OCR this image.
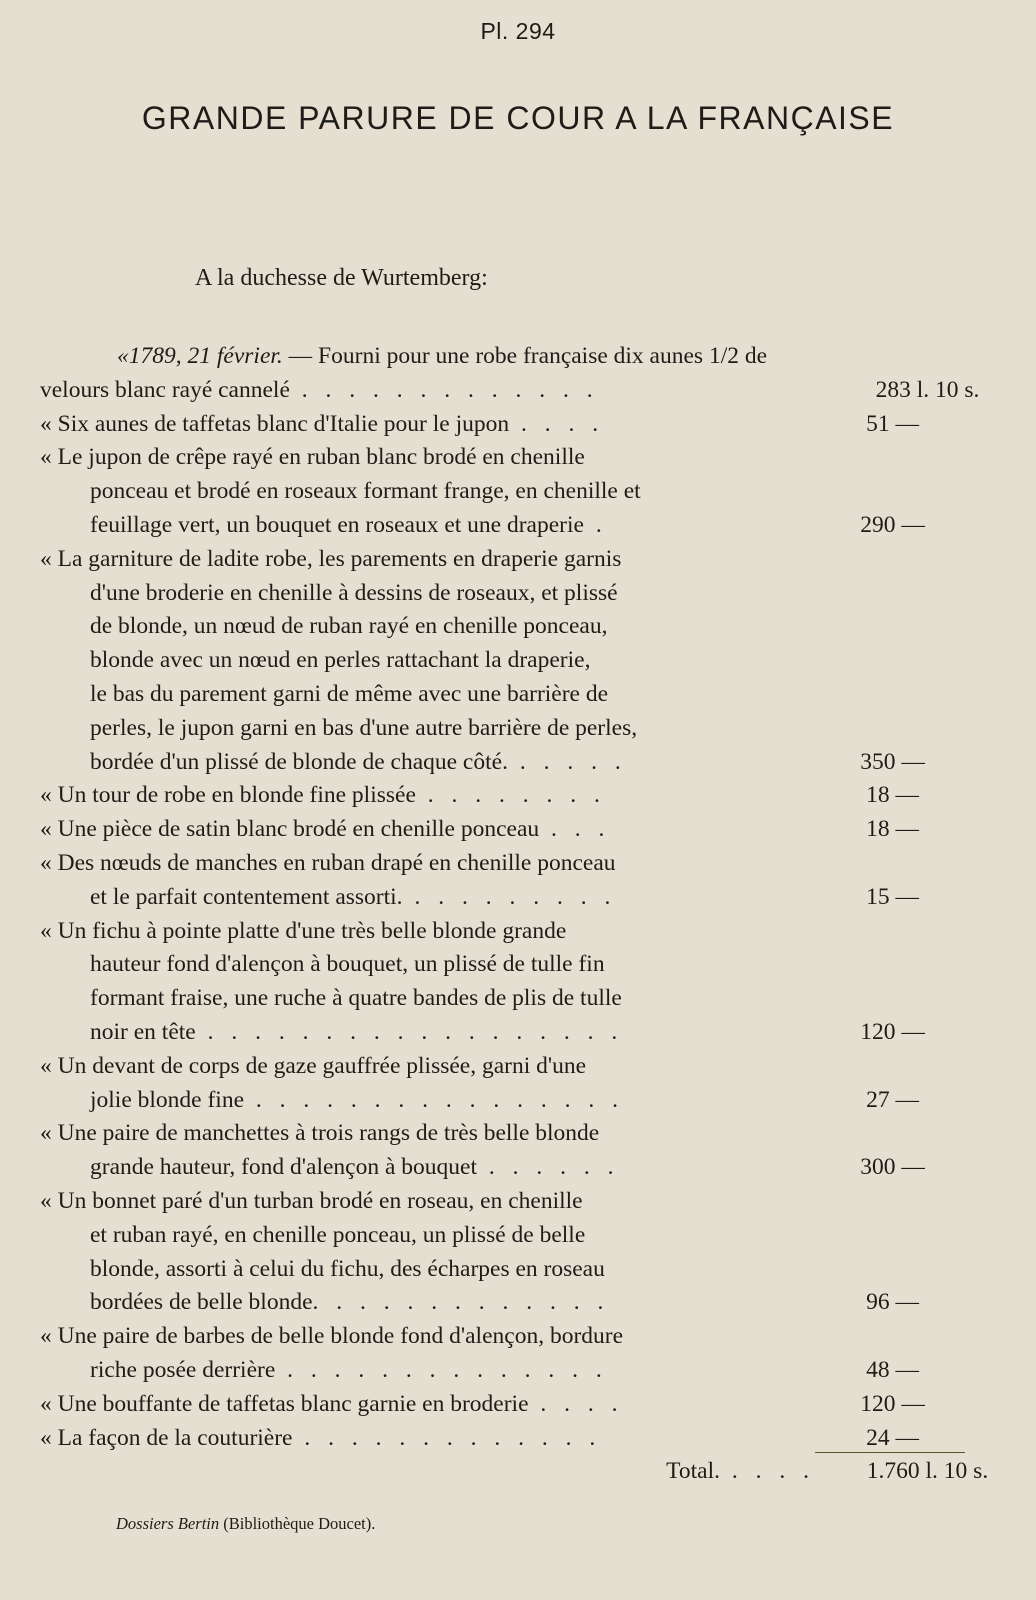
Pl. 294
GRANDE PARURE DE COUR A LA FRANÇAISE
A la duchesse de Wurtemberg:
«1789, 21 février. — Fourni pour une robe française dix aunes 1/2 de
velours blanc rayé cannelé . . . . . . . . . . . . .	283 l. 10 s.
« Six aunes de taffetas blanc d'Italie pour le jupon . . . .	51 —
« Le jupon de crêpe rayé en ruban blanc brodé en chenille
ponceau et brodé en roseaux formant frange, en chenille et
feuillage vert, un bouquet en roseaux et une draperie .	290 —
« La garniture de ladite robe, les parements en draperie garnis
d'une broderie en chenille à dessins de roseaux, et plissé
de blonde, un nœud de ruban rayé en chenille ponceau,
blonde avec un nœud en perles rattachant la draperie,
le bas du parement garni de même avec une barrière de
perles, le jupon garni en bas d'une autre barrière de perles,
bordée d'un plissé de blonde de chaque côté. . . . . .	350 —
« Un tour de robe en blonde fine plissée . . . . . . . .	18 —
« Une pièce de satin blanc brodé en chenille ponceau . . .	18 —
« Des nœuds de manches en ruban drapé en chenille ponceau
et le parfait contentement assorti. . . . . . . . . .	15 —
« Un fichu à pointe platte d'une très belle blonde grande
hauteur fond d'alençon à bouquet, un plissé de tulle fin
formant fraise, une ruche à quatre bandes de plis de tulle
noir en tête . . . . . . . . . . . . . . . . . .	120 —
« Un devant de corps de gaze gauffrée plissée, garni d'une
jolie blonde fine . . . . . . . . . . . . . . . .	27 —
« Une paire de manchettes à trois rangs de très belle blonde
grande hauteur, fond d'alençon à bouquet . . . . . .	300 —
« Un bonnet paré d'un turban brodé en roseau, en chenille
et ruban rayé, en chenille ponceau, un plissé de belle
blonde, assorti à celui du fichu, des écharpes en roseau
bordées de belle blonde. . . . . . . . . . . . .	96 —
« Une paire de barbes de belle blonde fond d'alençon, bordure
riche posée derrière . . . . . . . . . . . . . .	48 —
« Une bouffante de taffetas blanc garnie en broderie . . . .	120 —
« La façon de la couturière . . . . . . . . . . . . .	24 —
Total. . . . .	1.760 l. 10 s.
Dossiers Bertin (Bibliothèque Doucet).
